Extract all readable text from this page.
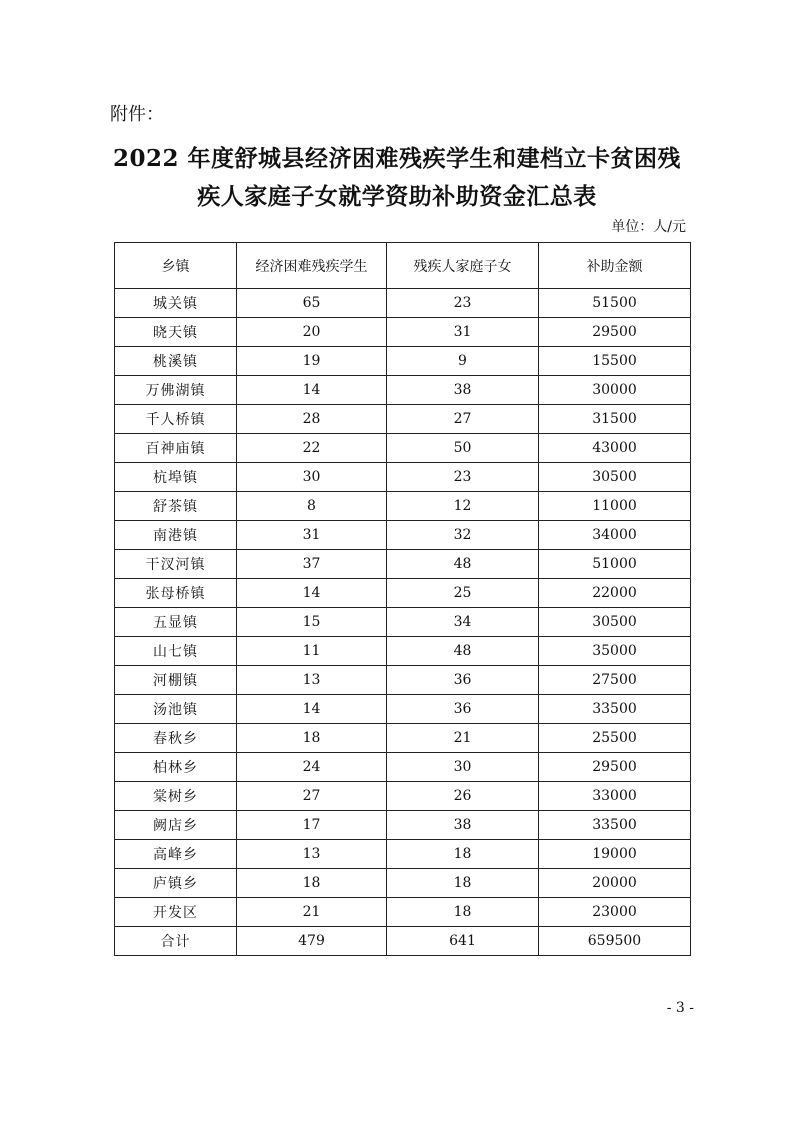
附件：
2022 年度舒城县经济困难残疾学生和建档立卡贫困残
疾人家庭子女就学资助补助资金汇总表
单位：人/元
乡镇	经济困难残疾学生	残疾人家庭子女	补助金额
城关镇	65	23	51500
晓天镇	20	31	29500
桃溪镇	19	9	15500
万佛湖镇	14	38	30000
千人桥镇	28	27	31500
百神庙镇	22	50	43000
杭埠镇	30	23	30500
舒茶镇	8	12	11000
南港镇	31	32	34000
干汊河镇	37	48	51000
张母桥镇	14	25	22000
五显镇	15	34	30500
山七镇	11	48	35000
河棚镇	13	36	27500
汤池镇	14	36	33500
春秋乡	18	21	25500
柏林乡	24	30	29500
棠树乡	27	26	33000
阙店乡	17	38	33500
高峰乡	13	18	19000
庐镇乡	18	18	20000
开发区	21	18	23000
合计	479	641	659500
- 3 -
